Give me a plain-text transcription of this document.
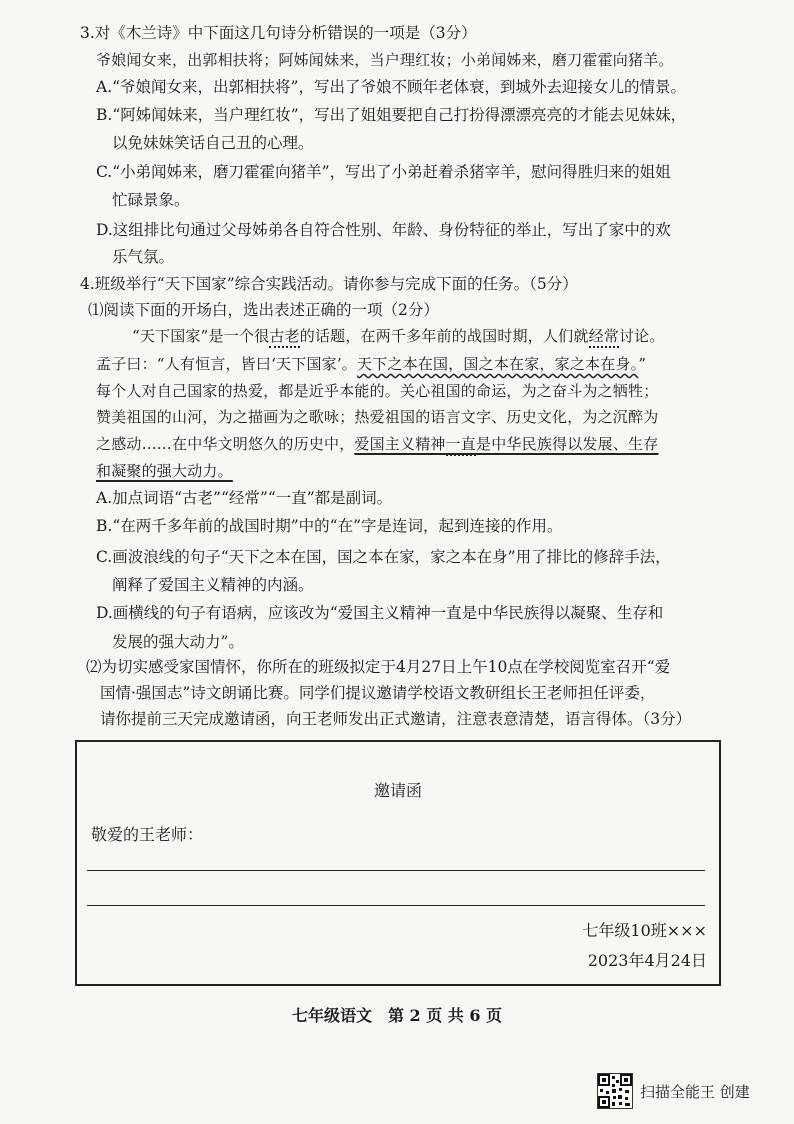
3.对《木兰诗》中下面这几句诗分析错误的一项是（3分）
爷娘闻女来，出郭相扶将；阿姊闻妹来，当户理红妆；小弟闻姊来，磨刀霍霍向猪羊。
A.“爷娘闻女来，出郭相扶将”，写出了爷娘不顾年老体衰，到城外去迎接女儿的情景。
B.“阿姊闻妹来，当户理红妆”，写出了姐姐要把自己打扮得漂漂亮亮的才能去见妹妹，
以免妹妹笑话自己丑的心理。
C.“小弟闻姊来，磨刀霍霍向猪羊”，写出了小弟赶着杀猪宰羊，慰问得胜归来的姐姐
忙碌景象。
D.这组排比句通过父母姊弟各自符合性别、年龄、身份特征的举止，写出了家中的欢
乐气氛。
4.班级举行“天下国家”综合实践活动。请你参与完成下面的任务。（5分）
⑴阅读下面的开场白，选出表述正确的一项（2分）
“天下国家”是一个很古老的话题，在两千多年前的战国时期，人们就经常讨论。
孟子曰：“人有恒言，皆曰‘天下国家’。天下之本在国，国之本在家，家之本在身。”
每个人对自己国家的热爱，都是近乎本能的。关心祖国的命运，为之奋斗为之牺牲；
赞美祖国的山河，为之描画为之歌咏；热爱祖国的语言文字、历史文化，为之沉醉为
之感动……在中华文明悠久的历史中，爱国主义精神一直是中华民族得以发展、生存
和凝聚的强大动力。
A.加点词语“古老”“经常”“一直”都是副词。
B.“在两千多年前的战国时期”中的“在”字是连词，起到连接的作用。
C.画波浪线的句子“天下之本在国，国之本在家，家之本在身”用了排比的修辞手法，
阐释了爱国主义精神的内涵。
D.画横线的句子有语病，应该改为“爱国主义精神一直是中华民族得以凝聚、生存和
发展的强大动力”。
⑵为切实感受家国情怀，你所在的班级拟定于4月27日上午10点在学校阅览室召开“爱
国情·强国志”诗文朗诵比赛。同学们提议邀请学校语文教研组长王老师担任评委，
请你提前三天完成邀请函，向王老师发出正式邀请，注意表意清楚，语言得体。（3分）
邀请函
敬爱的王老师：
七年级10班×××
2023年4月24日
七年级语文　第 2 页 共 6 页
扫描全能王 创建
